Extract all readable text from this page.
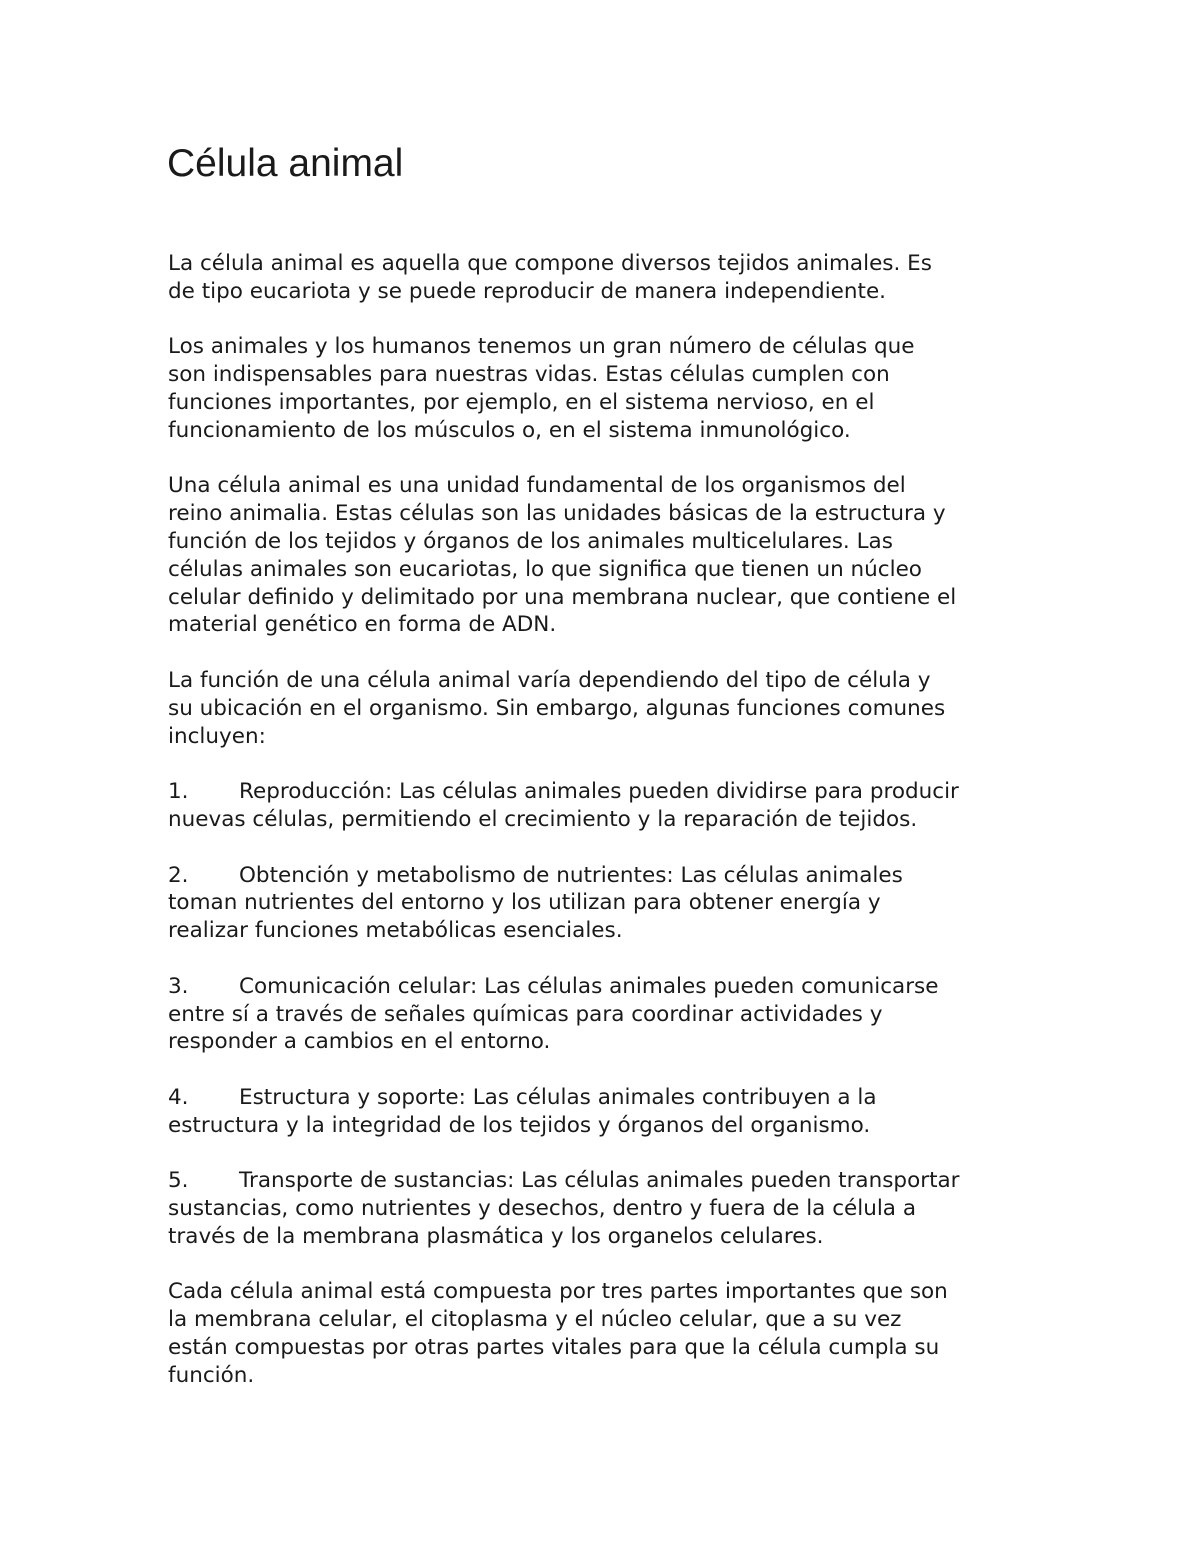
Célula animal

La célula animal es aquella que compone diversos tejidos animales. Es
de tipo eucariota y se puede reproducir de manera independiente.

Los animales y los humanos tenemos un gran número de células que
son indispensables para nuestras vidas. Estas células cumplen con
funciones importantes, por ejemplo, en el sistema nervioso, en el
funcionamiento de los músculos o, en el sistema inmunológico.

Una célula animal es una unidad fundamental de los organismos del
reino animalia. Estas células son las unidades básicas de la estructura y
función de los tejidos y órganos de los animales multicelulares. Las
células animales son eucariotas, lo que significa que tienen un núcleo
celular definido y delimitado por una membrana nuclear, que contiene el
material genético en forma de ADN.

La función de una célula animal varía dependiendo del tipo de célula y
su ubicación en el organismo. Sin embargo, algunas funciones comunes
incluyen:

1. Reproducción: Las células animales pueden dividirse para producir
nuevas células, permitiendo el crecimiento y la reparación de tejidos.
2. Obtención y metabolismo de nutrientes: Las células animales
toman nutrientes del entorno y los utilizan para obtener energía y
realizar funciones metabólicas esenciales.
3. Comunicación celular: Las células animales pueden comunicarse
entre sí a través de señales químicas para coordinar actividades y
responder a cambios en el entorno.
4. Estructura y soporte: Las células animales contribuyen a la
estructura y la integridad de los tejidos y órganos del organismo.
5. Transporte de sustancias: Las células animales pueden transportar
sustancias, como nutrientes y desechos, dentro y fuera de la célula a
través de la membrana plasmática y los organelos celulares.

Cada célula animal está compuesta por tres partes importantes que son
la membrana celular, el citoplasma y el núcleo celular, que a su vez
están compuestas por otras partes vitales para que la célula cumpla su
función.
